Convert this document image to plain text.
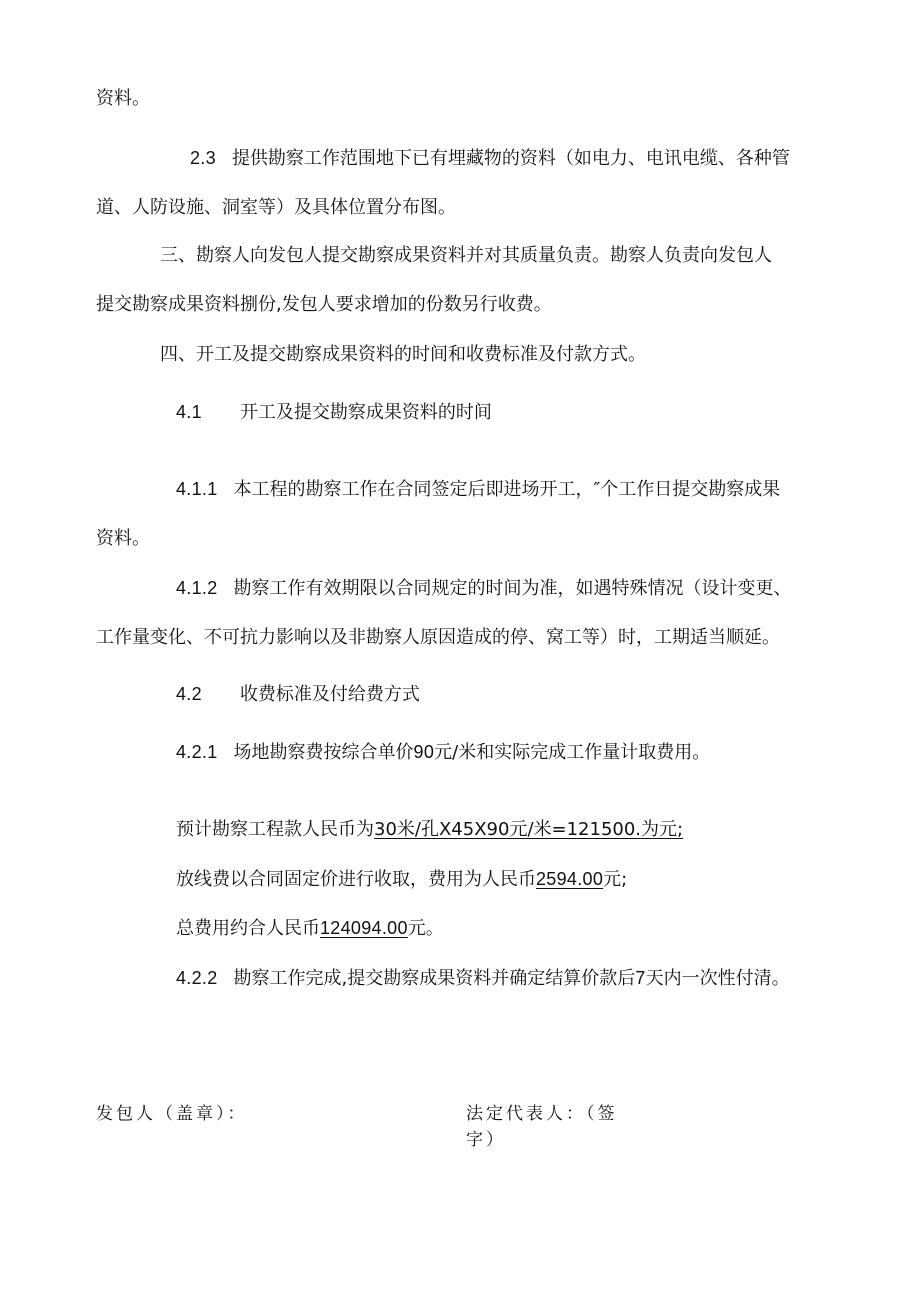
资料。
2.3 提供勘察工作范围地下已有埋藏物的资料（如电力、电讯电缆、各种管
道、人防设施、洞室等）及具体位置分布图。
三、勘察人向发包人提交勘察成果资料并对其质量负责。勘察人负责向发包人
提交勘察成果资料捌份,发包人要求增加的份数另行收费。
四、开工及提交勘察成果资料的时间和收费标准及付款方式。
4.1 开工及提交勘察成果资料的时间
4.1.1 本工程的勘察工作在合同签定后即进场开工，″个工作日提交勘察成果
资料。
4.1.2 勘察工作有效期限以合同规定的时间为准，如遇特殊情况（设计变更、
工作量变化、不可抗力影响以及非勘察人原因造成的停、窝工等）时，工期适当顺延。
4.2 收费标准及付给费方式
4.2.1 场地勘察费按综合单价90元/米和实际完成工作量计取费用。
预计勘察工程款人民币为30米/孔X45X90元/米=121500.为元;
放线费以合同固定价进行收取，费用为人民币2594.00元;
总费用约合人民币124094.00元。
4.2.2 勘察工作完成,提交勘察成果资料并确定结算价款后7天内一次性付清。
发包人（盖章）：	法定代表人：（签
字）
